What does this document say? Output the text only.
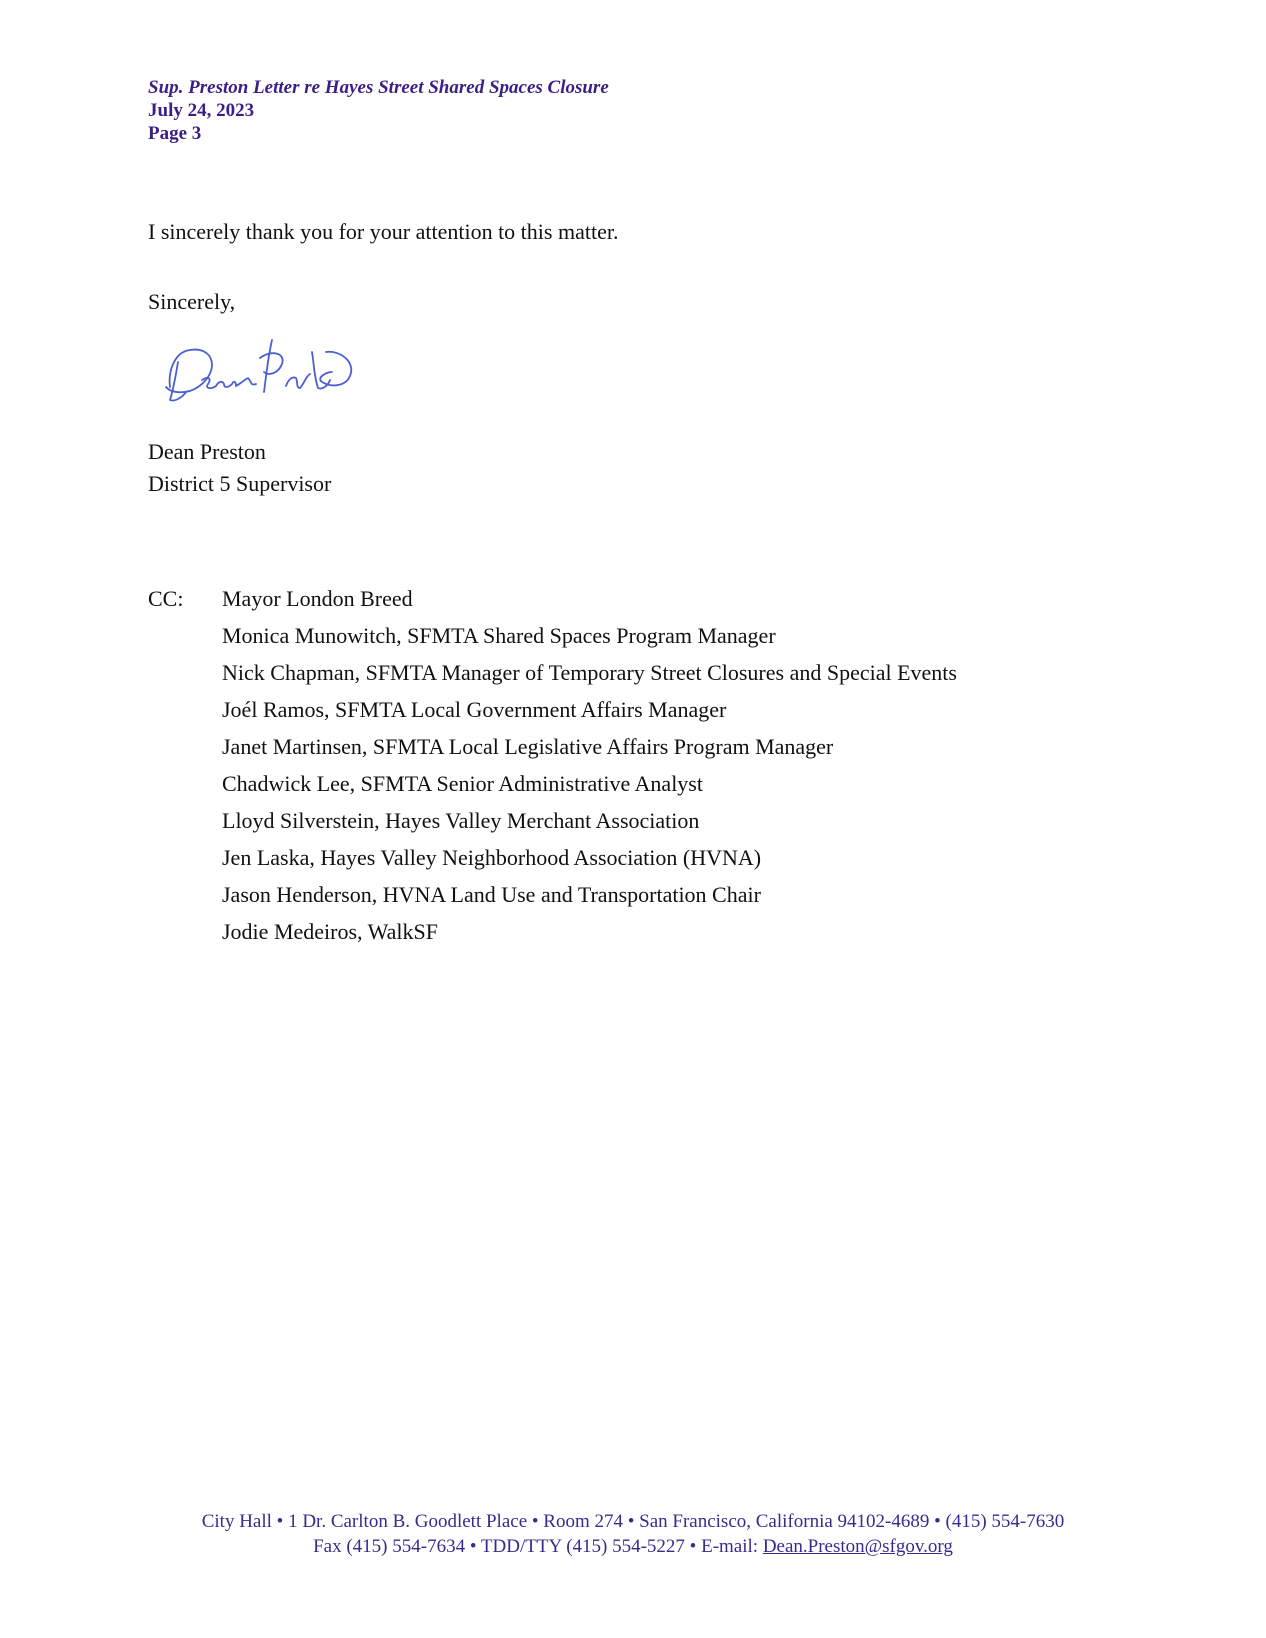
Sup. Preston Letter re Hayes Street Shared Spaces Closure
July 24, 2023
Page 3
I sincerely thank you for your attention to this matter.
Sincerely,
Dean Preston
District 5 Supervisor
CC:	Mayor London Breed
Monica Munowitch, SFMTA Shared Spaces Program Manager
Nick Chapman, SFMTA Manager of Temporary Street Closures and Special Events
Joél Ramos, SFMTA Local Government Affairs Manager
Janet Martinsen, SFMTA Local Legislative Affairs Program Manager
Chadwick Lee, SFMTA Senior Administrative Analyst
Lloyd Silverstein, Hayes Valley Merchant Association
Jen Laska, Hayes Valley Neighborhood Association (HVNA)
Jason Henderson, HVNA Land Use and Transportation Chair
Jodie Medeiros, WalkSF
City Hall • 1 Dr. Carlton B. Goodlett Place • Room 274 • San Francisco, California 94102-4689 • (415) 554-7630
Fax (415) 554-7634 • TDD/TTY (415) 554-5227 • E-mail: Dean.Preston@sfgov.org
